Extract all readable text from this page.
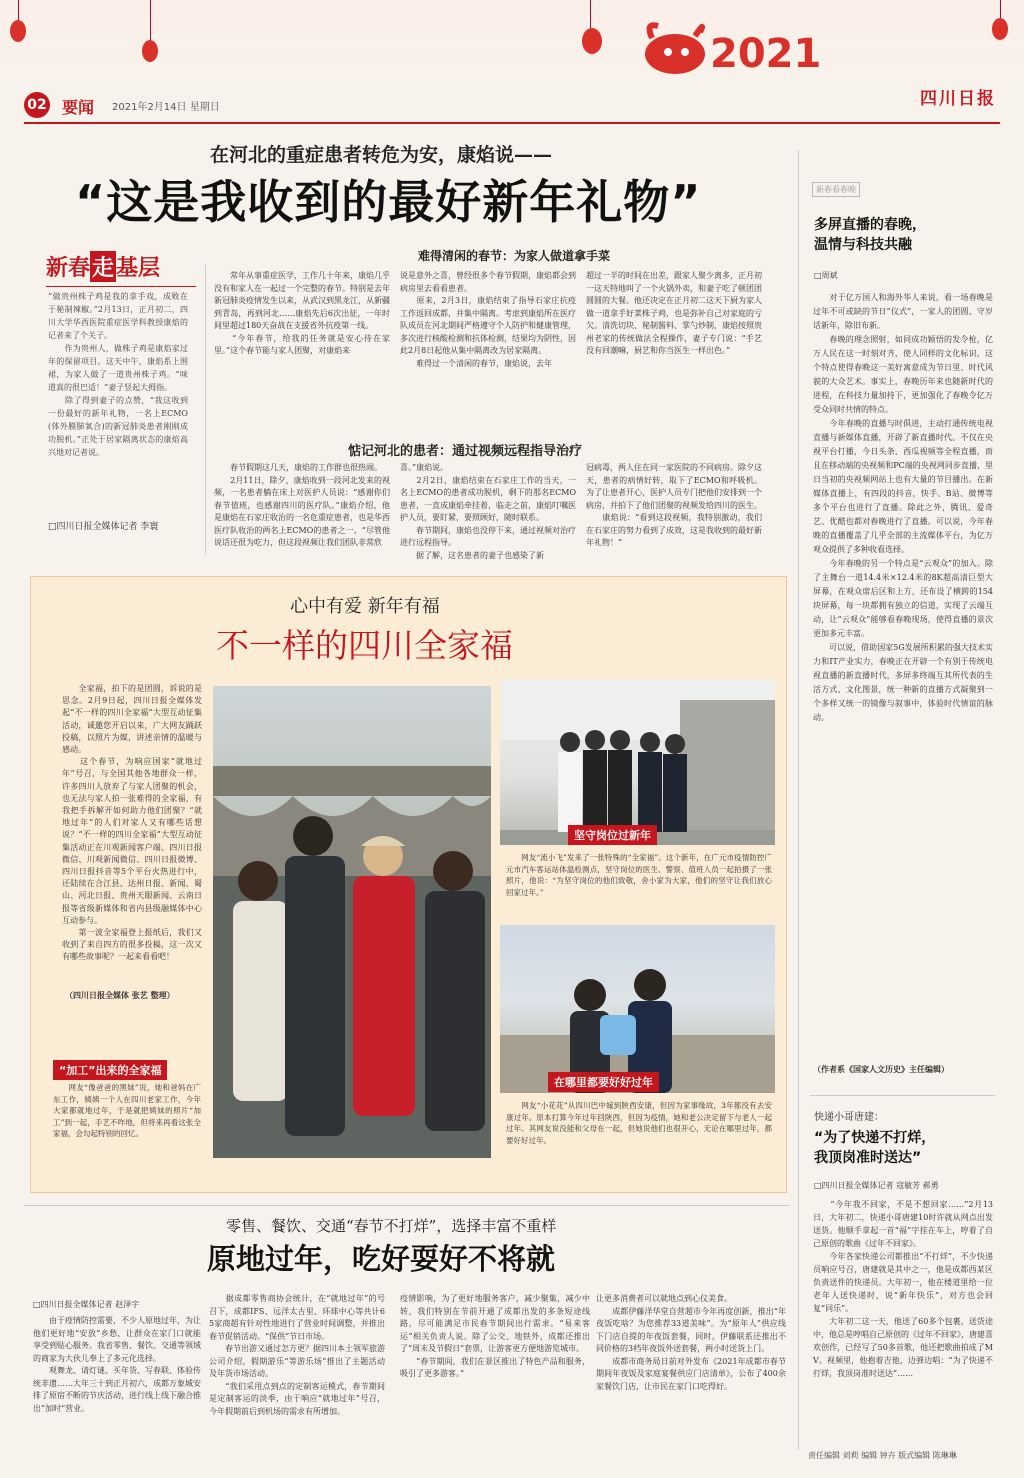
2021
四川日报
02 要闻 2021年2月14日 星期日
在河北的重症患者转危为安，康焰说——
“这是我收到的最好新年礼物”
新春走基层	难得清闲的春节：为家人做道拿手菜
“做贵州株子鸡是我的拿手戏，成败在于秘制辣椒。”2月13日，正月初二，四川大学华西医院重症医学科教授康焰的记者来了个关子。
　　作为贵州人，做株子鸡是康焰家过年的保留项目。这天中午，康焰系上围裙，为家人做了一道贵州株子鸡。“味道真的很巴适！”妻子竖起大拇指。
　　除了得到妻子的点赞，“我这收到一份最好的新年礼物，一名上ECMO(体外膜肺氧合)的新冠肺炎患者刚刚成功脱机。”正处于居家隔离状态的康焰高兴地对记者说。
□四川日报全媒体记者 李寰
　　常年从事重症医学，工作几十年来，康焰几乎没有和家人在一起过一个完整的春节。特别是去年新冠肺炎疫情发生以来，从武汉到黑龙江，从新疆到青岛，再到河北……康焰先后6次出征，一年时间里超过180天奋战在支援省外抗疫第一线。
　　“今年春节，给我的任务就是安心待在家里。”这个春节能与家人团聚，对康焰来
说是意外之喜，曾经很多个春节假期，康焰都会到病房里去看看患者。
　　原来，2月3日，康焰结束了指导石家庄抗疫工作返回成都，并集中隔离。考虑到康焰所在医疗队成员在河北期间严格遵守个人防护和健康管理，多次进行核酸检测和抗体检测，结果均为阴性，因此2月8日起他从集中隔离改为居家隔离。
　　难得过一个清闲的春节，康焰说，去年
超过一半的时间在出差，跟家人聚少离多，正月初一这天特地叫了一个火锅外卖，和妻子吃了顿团团圆圆的大餐。他还决定在正月初二这天下厨为家人做一道拿手好菜株子鸡，也是弥补自己对家庭的亏欠。清洗切块、秘制酱料、掌勺炒制，康焰按照贵州老家的传统做法全程操作，妻子专门说：“手艺没有回潮嘛，厨艺和你当医生一样出色。”
惦记河北的患者：通过视频远程指导治疗
　　春节假期这几天，康焰的工作群也很热闹。
　　2月11日，除夕，康焰收到一段河北发来的视频，一名患者躺在床上对医护人员说：“感谢你们春节值班，也感谢四川的医疗队。”康焰介绍，他是康焰在石家庄收治的一名危重症患者，也是华西医疗队收治的两名上ECMO的患者之一。“尽管他说话还很为吃力，但这段视频让我们团队非常欣
喜。”康焰说。
　　2月2日，康焰结束在石家庄工作的当天，一名上ECMO的患者成功脱机，剩下的那名ECMO患者，一直成康焰牵挂着，临走之前，康焰叮嘱医护人员，要盯紧，要照顾好，随时联系。
　　春节期间，康焰也没停下来，通过视频对治疗进行远程指导。
　　据了解，这名患者的妻子也感染了新
冠病毒，两人住在同一家医院的不同病房。除夕这天，患者的病情好转，取下了ECMO和呼吸机。为了让患者开心，医护人员专门把他们安排到一个病房，并拍下了他们团聚的视频发给四川的医生。
　　康焰说：“看到这段视频，我特别激动，我们在石家庄的努力看到了成效，这是我收到的最好新年礼物！”
心中有爱 新年有福
不一样的四川全家福
　　全家福，拍下的是团圆，诉说的是思念。2月9日起，四川日报全媒体发起“不一样的四川全家福”大型互动征集活动，诚邀您开启以来，广大网友踊跃投稿，以照片为媒，讲述亲情的温暖与感动。
　　这个春节，为响应国家“就地过年”号召，与全国其他各地群众一样，许多四川人放弃了与家人团聚的机会，也无法与家人拍一张难得的全家福，有我把手拆解开如何助力他们团聚？“就地过年”的人们对家人又有哪些话想说？“不一样的四川全家福”大型互动征集活动正在川观新闻客户端、四川日报微信、川观新闻微信、四川日报微博、四川日报抖音等5个平台火热进行中，还陆续在合江县、达州日报、新闻、蜀山、河北日报、贵州天眼新闻、云南日报等省级新媒体和省内县级融媒体中心互动参与。
　　第一波全家福登上报纸后，我们又收到了来自四方的很多投稿，这一次又有哪些故事呢？一起来看看吧！
（四川日报全媒体 张艺 整理）
“加工”出来的全家福
　　网友“像爸爸的黑妹”说，她和爸妈在广东工作，姨姨一个人在四川老家工作，今年大家都就地过年，于是就把姨妹的照片“加工”到一起，手艺不咋地，但将来再看这张全家福，会勾起特别的回忆。
坚守岗位过新年
　　网友“流小飞”发来了一张特殊的“全家福”。这个新年，在广元市疫情防控广元市汽车客运站体温检测点，坚守岗位的医生、警察、值班人员一起拍摄了一张照片，他说：“为坚守岗位的他们致敬，舍小家为大家，他们的坚守让我们放心回家过年。”
在哪里都要好好过年
　　网友“小花花”从四川巴中嫁到陕西安康，但因为家事缘故，3年都没有去安康过年。原本打算今年过年回陕西，但因为疫情，她和老公决定留下与老人一起过年。其网友说没能和父母在一起，但她说他们也很开心，无论在哪里过年，都要好好过年。
新春看春晚
多屏直播的春晚，
温情与科技共融
□周斌
　　对于亿万国人和海外华人来说，看一场春晚是过年不可或缺的节日“仪式”，一家人的团圆、守岁话新年，除旧布新。
　　春晚的理念照射，如同成功颖悟的发令枪，亿万人民在这一时刻对齐，使人同样的文化标识，这个特点使得春晚这一美好寓意成为节日里、时代风貌的大众艺术。事实上，春晚历年来也随新时代的进程，在科技力量加持下，更加强化了春晚令亿万受众同时共情的特点。
　　今年春晚的直播与时俱进，主动打通传统电视直播与新媒体直播，开辟了新直播时代。不仅在央视平台打播，今日头条、西瓜视频等全程直播，而且在移动端的央视频和PC端的央视网同步直播，里日当初的央视频网站上也有大量的节目播出。在新媒体直播上，有四段的抖音，快手、B站、微博等多个平台也进行了直播。除此之外，腾讯、爱奇艺、优酷也都对春晚进行了直播。可以说，今年春晚的直播覆盖了几乎全部的主流媒体平台，为亿万观众提供了多种收看选择。
　　今年春晚的另一个特点是“云观众”的加入。除了主舞台一道14.4米×12.4米的8K超高清巨型大屏幕，在观众席后区和上方，还布设了横跨的154块屏幕，每一块都拥有独立的信道，实现了云端互动，让“云观众”能够看春晚现场，使得直播的景次更加多元丰富。
　　可以说，借助国家5G发展所积累的强大技术实力和IT产业实力，春晚正在开辟一个有别于传统电视直播的新直播时代，多屏多终端互其所代表的生活方式、文化图景，统一种新的直播方式凝聚到一个多样又统一的镜像与叙事中，体验时代情谊的脉动。
（作者系《国家人文历史》主任编辑）
快递小哥唐建：
“为了快递不打烊，
我顶岗准时送达”
□四川日报全媒体记者 寇敏芳 郝勇
　　“今年我不回家，不是不想回家……”2月13日，大年初二，快递小哥唐建10时许就从网点出发送货。他顺手拿起一首“福”字挂在车上，哼着了自己原创的歌曲《过年不回家》。
　　今年各家快递公司都推出“不打烊”，不少快递员响应号召，唐建就是其中之一，他是成都西某区负责送件的快递员。大年初一，他在楼道里给一位老年人送快递时，说“新年快乐”，对方也会回复“同乐”。
　　大年初二这一天，他送了60多个包裹，送货途中，他总是哼唱自己原创的《过年不回家》，唐建喜欢创作，已经写了50多首歌，他还把歌曲拍成了MV。视频里，他抱着吉他，边弹边唱：“为了快递不打烊，我顶岗准时送达”……
零售、餐饮、交通“春节不打烊”，选择丰富不重样
原地过年，吃好耍好不将就
□四川日报全媒体记者 赵泽宇
　　由于疫情防控需要，不少人原地过年，为让他们更好地“安放”乡愁，让群众在家门口就能享受到贴心服务。我省零售、餐饮、交通等领域的商家为大伙儿奉上了多元化选择。
　　观舞龙、请灯谜、买年货、写春联、体验传统非遗……大年三十到正月初六，成都万象城安排了原宿不断的节庆活动，进行线上线下融合推出“加时”营业。
　　据成都零售商协会统计，在“就地过年”的号召下，成都IFS、远洋太古里、环球中心等共计65家商超有针对性地进行了营业时间调整，并推出春节促销活动。“保供”节日市场。
　　春节出游又通过怎方更？据四川本土领军旅游公司介绍，假期游乐“等游乐场”推出了主题活动及年货市场活动。
　　“我们采用点到点的定制客运模式，春节期间是定制客运的淡季，由于响应“就地过年”号召，今年假期前后到机场的需求有所增加。
疫情影响，为了更好地服务客户，减少聚集，减少中转，我们特别在节前开通了成都出发的多条短途线路，尽可能满足市民春节期间出行需求。“易来客运”相关负责人说。除了公交、地铁外，成都还推出了“周末及节假日”套票，让游客更方便地游览城市。
　　“春节期间，我们在景区推出了特色产品和服务，吸引了更多游客。”
让更多消费者可以就地点到心仪美食。
　　成都伊藤洋华堂自营超市今年再度创新，推出“年夜饭吃啥？为您推荐33道美味”。为“原年人”供应线下门店自提的年夜饭套餐，同时，伊藤联系还推出不同价格的3档年夜饭外送套餐，两小时送货上门。
　　成都市商务局日前对外发布《2021年成都市春节期间年夜饭及家庭宴餐供应门店清单》，公布了400余家餐饮门店，让市民在家门口吃得好。
责任编辑 刘莉 编辑 钟卉 版式编辑 陈琳琳
